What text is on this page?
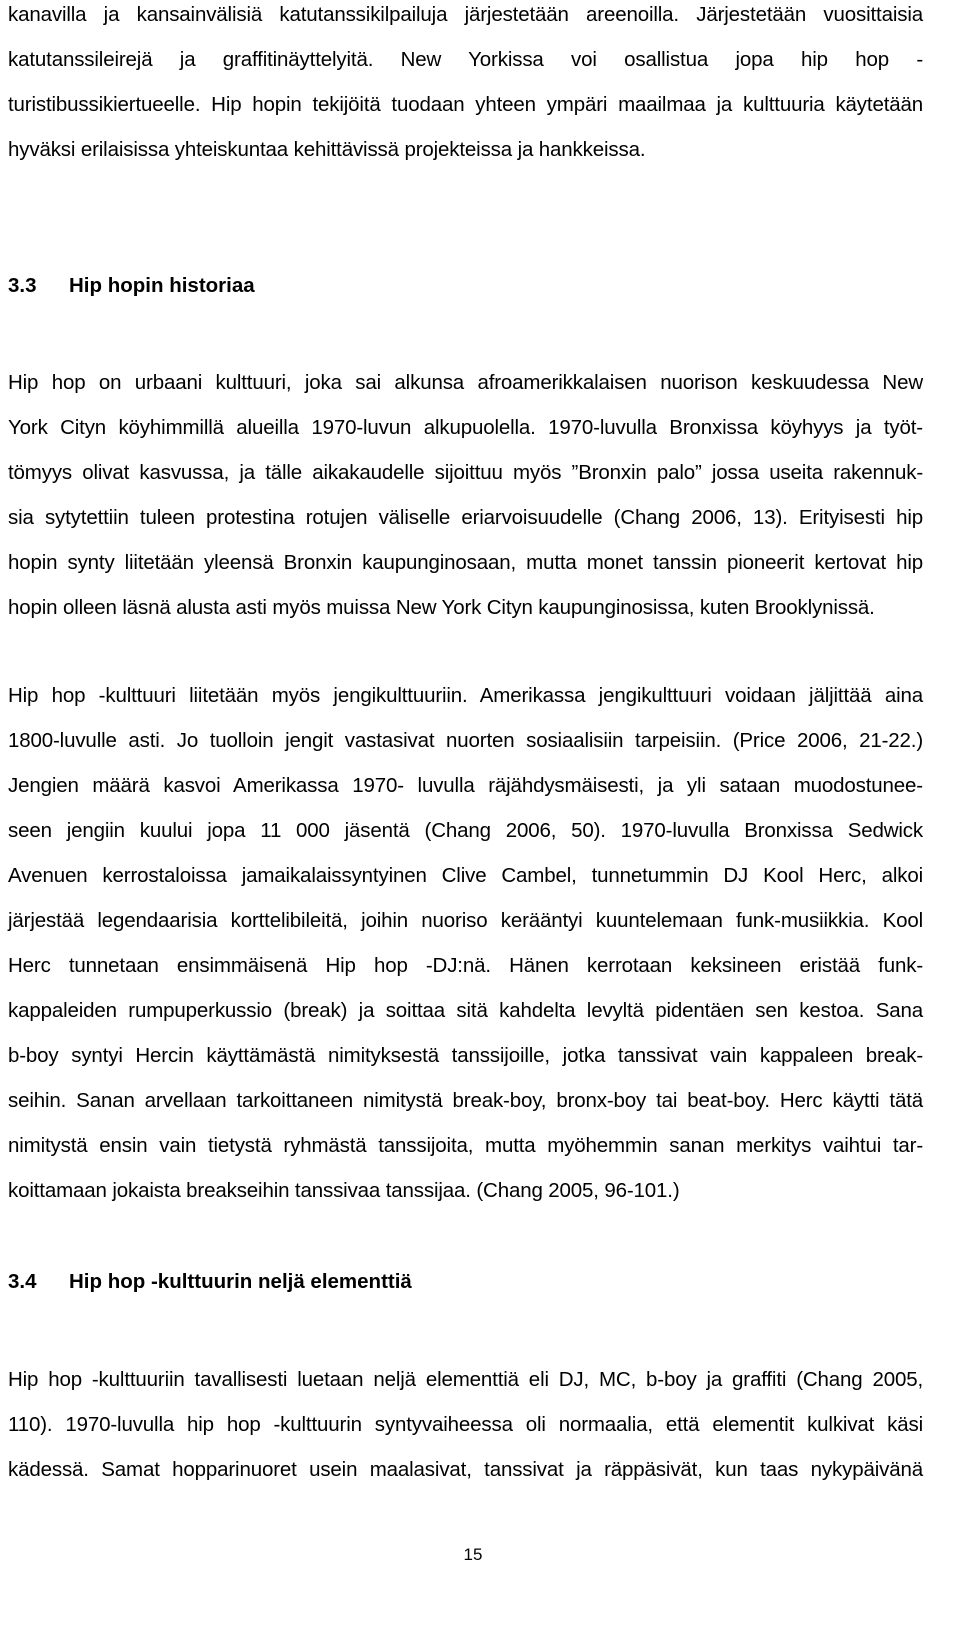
kanavilla ja kansainvälisiä katutanssikilpailuja järjestetään areenoilla. Järjestetään vuosittaisia
katutanssileirejä ja graffitinäyttelyitä. New Yorkissa voi osallistua jopa hip hop -
turistibussikiertueelle. Hip hopin tekijöitä tuodaan yhteen ympäri maailmaa ja kulttuuria käytetään
hyväksi erilaisissa yhteiskuntaa kehittävissä projekteissa ja hankkeissa.
3.3 Hip hopin historiaa
Hip hop on urbaani kulttuuri, joka sai alkunsa afroamerikkalaisen nuorison keskuudessa New
York Cityn köyhimmillä alueilla 1970-luvun alkupuolella. 1970-luvulla Bronxissa köyhyys ja työt-
tömyys olivat kasvussa, ja tälle aikakaudelle sijoittuu myös ”Bronxin palo” jossa useita rakennuk-
sia sytytettiin tuleen protestina rotujen väliselle eriarvoisuudelle (Chang 2006, 13). Erityisesti hip
hopin synty liitetään yleensä Bronxin kaupunginosaan, mutta monet tanssin pioneerit kertovat hip
hopin olleen läsnä alusta asti myös muissa New York Cityn kaupunginosissa, kuten Brooklynissä.
Hip hop -kulttuuri liitetään myös jengikulttuuriin. Amerikassa jengikulttuuri voidaan jäljittää aina
1800-luvulle asti. Jo tuolloin jengit vastasivat nuorten sosiaalisiin tarpeisiin. (Price 2006, 21-22.)
Jengien määrä kasvoi Amerikassa 1970- luvulla räjähdysmäisesti, ja yli sataan muodostunee-
seen jengiin kuului jopa 11 000 jäsentä (Chang 2006, 50). 1970-luvulla Bronxissa Sedwick
Avenuen kerrostaloissa jamaikalaissyntyinen Clive Cambel, tunnetummin DJ Kool Herc, alkoi
järjestää legendaarisia korttelibileitä, joihin nuoriso kerääntyi kuuntelemaan funk-musiikkia. Kool
Herc tunnetaan ensimmäisenä Hip hop -DJ:nä. Hänen kerrotaan keksineen eristää funk-
kappaleiden rumpuperkussio (break) ja soittaa sitä kahdelta levyltä pidentäen sen kestoa. Sana
b-boy syntyi Hercin käyttämästä nimityksestä tanssijoille, jotka tanssivat vain kappaleen break-
seihin. Sanan arvellaan tarkoittaneen nimitystä break-boy, bronx-boy tai beat-boy. Herc käytti tätä
nimitystä ensin vain tietystä ryhmästä tanssijoita, mutta myöhemmin sanan merkitys vaihtui tar-
koittamaan jokaista breakseihin tanssivaa tanssijaa. (Chang 2005, 96-101.)
3.4 Hip hop -kulttuurin neljä elementtiä
Hip hop -kulttuuriin tavallisesti luetaan neljä elementtiä eli DJ, MC, b-boy ja graffiti (Chang 2005,
110). 1970-luvulla hip hop -kulttuurin syntyvaiheessa oli normaalia, että elementit kulkivat käsi
kädessä. Samat hopparinuoret usein maalasivat, tanssivat ja räppäsivät, kun taas nykypäivänä
15
